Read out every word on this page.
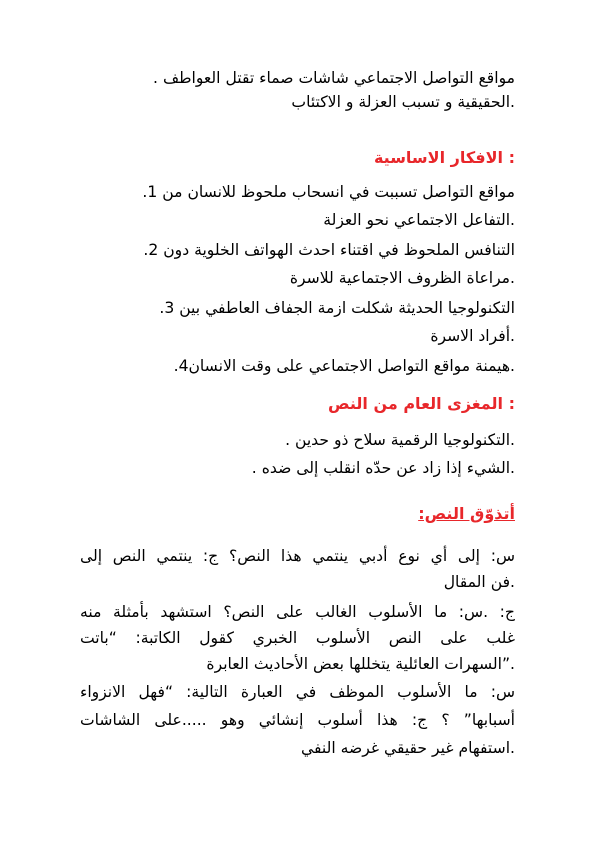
مواقع التواصل الاجتماعي شاشات صماء تقتل العواطف .
.الحقيقية و تسبب العزلة و الاكتئاب
: الافكار الاساسية
مواقع التواصل تسببت في انسحاب ملحوظ للانسان من 1.
.التفاعل الاجتماعي نحو العزلة
التنافس الملحوظ في اقتناء احدث الهواتف الخلوية دون 2.
.مراعاة الظروف الاجتماعية للاسرة
التكنولوجيا الحديثة شكلت ازمة الجفاف العاطفي بين 3.
.أفراد الاسرة
.هيمنة مواقع التواصل الاجتماعي على وقت الانسان4.
: المغزى العام من النص
.التكنولوجيا الرقمية سلاح ذو حدين .
.الشيء إذا زاد عن حدّه انقلب إلى ضده .
أتذوّق النص:
س: إلى أي نوع أدبي ينتمي هذا النص؟ ج: ينتمي النص إلى
.فن المقال
ج: .س: ما الأسلوب الغالب على النص؟ استشهد بأمثلة منه
غلب على النص الأسلوب الخبري كقول الكاتبة: “باتت
.”السهرات العائلية يتخللها بعض الأحاديث العابرة
س: ما الأسلوب الموظف في العبارة التالية: “فهل الانزواء
أسبابها” ؟ ج: هذا أسلوب إنشائي وهو .....على الشاشات
.استفهام غير حقيقي غرضه النفي
